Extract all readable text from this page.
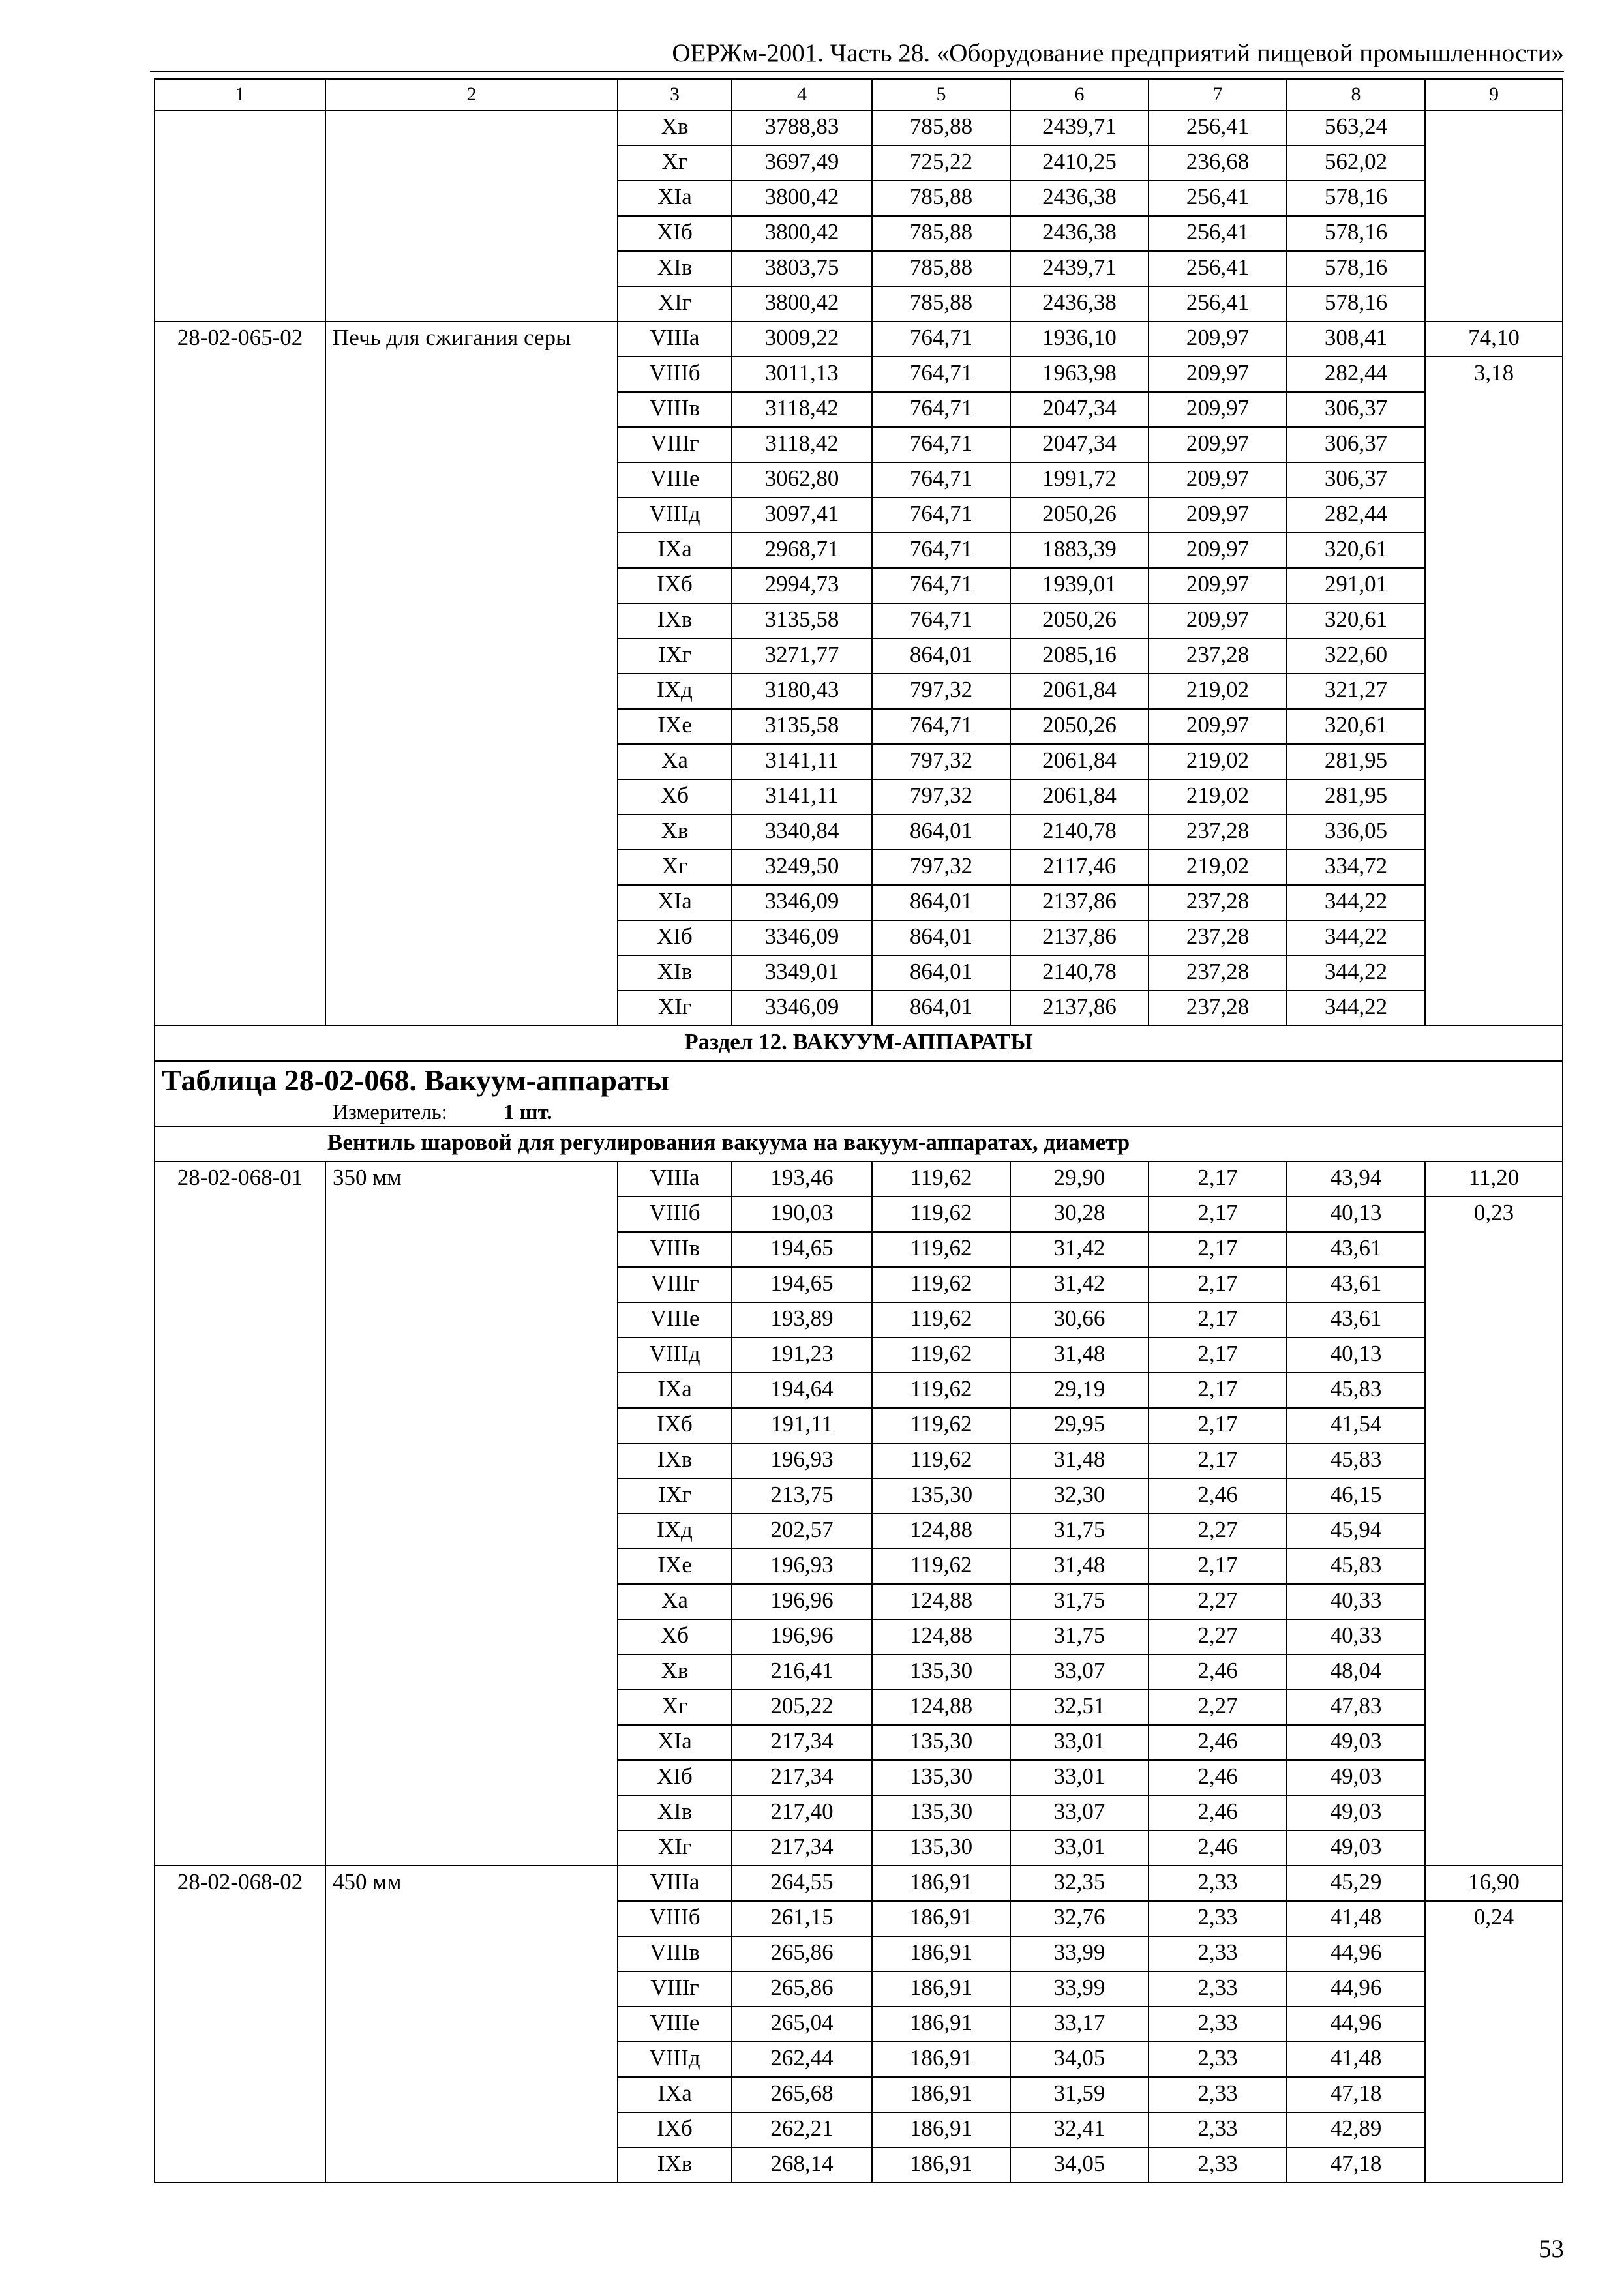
ОЕРЖм-2001. Часть 28. «Оборудование предприятий пищевой промышленности»
1	2	3	4	5	6	7	8	9
		Хв	3788,83	785,88	2439,71	256,41	563,24	
		Хг	3697,49	725,22	2410,25	236,68	562,02	
		ХIа	3800,42	785,88	2436,38	256,41	578,16	
		ХIб	3800,42	785,88	2436,38	256,41	578,16	
		ХIв	3803,75	785,88	2439,71	256,41	578,16	
		ХIг	3800,42	785,88	2436,38	256,41	578,16	
28-02-065-02	Печь для сжигания серы	VIIIа	3009,22	764,71	1936,10	209,97	308,41	74,10
		VIIIб	3011,13	764,71	1963,98	209,97	282,44	3,18
		VIIIв	3118,42	764,71	2047,34	209,97	306,37	
		VIIIг	3118,42	764,71	2047,34	209,97	306,37	
		VIIIе	3062,80	764,71	1991,72	209,97	306,37	
		VIIIд	3097,41	764,71	2050,26	209,97	282,44	
		IХа	2968,71	764,71	1883,39	209,97	320,61	
		IХб	2994,73	764,71	1939,01	209,97	291,01	
		IХв	3135,58	764,71	2050,26	209,97	320,61	
		IХг	3271,77	864,01	2085,16	237,28	322,60	
		IХд	3180,43	797,32	2061,84	219,02	321,27	
		IХе	3135,58	764,71	2050,26	209,97	320,61	
		Ха	3141,11	797,32	2061,84	219,02	281,95	
		Хб	3141,11	797,32	2061,84	219,02	281,95	
		Хв	3340,84	864,01	2140,78	237,28	336,05	
		Хг	3249,50	797,32	2117,46	219,02	334,72	
		ХIа	3346,09	864,01	2137,86	237,28	344,22	
		ХIб	3346,09	864,01	2137,86	237,28	344,22	
		ХIв	3349,01	864,01	2140,78	237,28	344,22	
		ХIг	3346,09	864,01	2137,86	237,28	344,22	
Раздел 12. ВАКУУМ-АППАРАТЫ								

Таблица 28-02-068. Вакуум-аппараты
Измеритель: 1 шт.								

Вентиль шаровой для регулирования вакуума на вакуум-аппаратах, диаметр								
28-02-068-01	350 мм	VIIIа	193,46	119,62	29,90	2,17	43,94	11,20
		VIIIб	190,03	119,62	30,28	2,17	40,13	0,23
		VIIIв	194,65	119,62	31,42	2,17	43,61	
		VIIIг	194,65	119,62	31,42	2,17	43,61	
		VIIIе	193,89	119,62	30,66	2,17	43,61	
		VIIIд	191,23	119,62	31,48	2,17	40,13	
		IХа	194,64	119,62	29,19	2,17	45,83	
		IХб	191,11	119,62	29,95	2,17	41,54	
		IХв	196,93	119,62	31,48	2,17	45,83	
		IХг	213,75	135,30	32,30	2,46	46,15	
		IХд	202,57	124,88	31,75	2,27	45,94	
		IХе	196,93	119,62	31,48	2,17	45,83	
		Ха	196,96	124,88	31,75	2,27	40,33	
		Хб	196,96	124,88	31,75	2,27	40,33	
		Хв	216,41	135,30	33,07	2,46	48,04	
		Хг	205,22	124,88	32,51	2,27	47,83	
		ХIа	217,34	135,30	33,01	2,46	49,03	
		ХIб	217,34	135,30	33,01	2,46	49,03	
		ХIв	217,40	135,30	33,07	2,46	49,03	
		ХIг	217,34	135,30	33,01	2,46	49,03	
28-02-068-02	450 мм	VIIIа	264,55	186,91	32,35	2,33	45,29	16,90
		VIIIб	261,15	186,91	32,76	2,33	41,48	0,24
		VIIIв	265,86	186,91	33,99	2,33	44,96	
		VIIIг	265,86	186,91	33,99	2,33	44,96	
		VIIIе	265,04	186,91	33,17	2,33	44,96	
		VIIIд	262,44	186,91	34,05	2,33	41,48	
		IХа	265,68	186,91	31,59	2,33	47,18	
		IХб	262,21	186,91	32,41	2,33	42,89	
		IХв	268,14	186,91	34,05	2,33	47,18	
53
